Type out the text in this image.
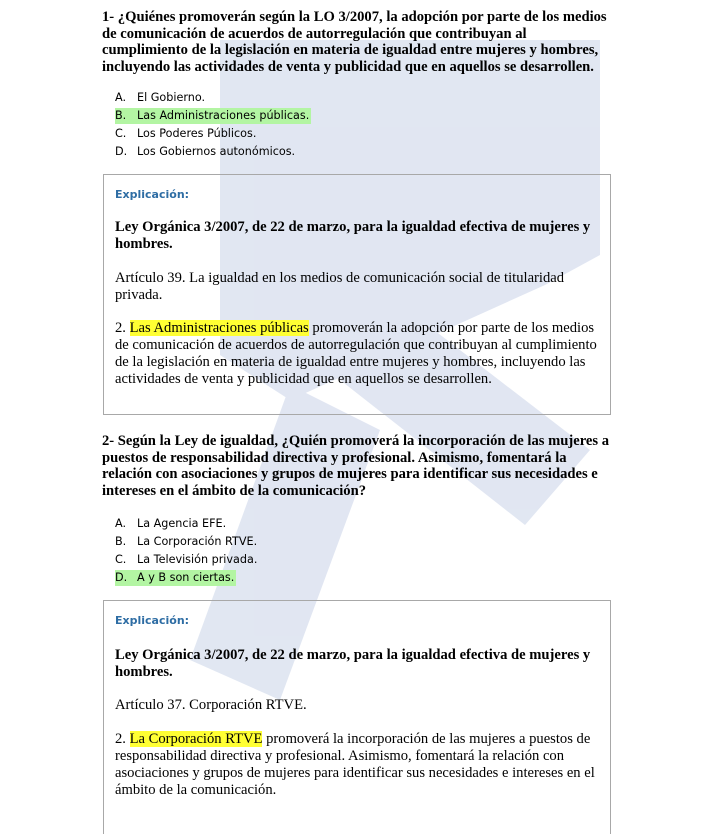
1- ¿Quiénes promoverán según la LO 3/2007, la adopción por parte de los medios de comunicación de acuerdos de autorregulación que contribuyan al cumplimiento de la legislación en materia de igualdad entre mujeres y hombres, incluyendo las actividades de venta y publicidad que en aquellos se desarrollen.
A. El Gobierno.
B. Las Administraciones públicas.
C. Los Poderes Públicos.
D. Los Gobiernos autonómicos.
Explicación:
Ley Orgánica 3/2007, de 22 de marzo, para la igualdad efectiva de mujeres y hombres.
Artículo 39. La igualdad en los medios de comunicación social de titularidad privada.
2. Las Administraciones públicas promoverán la adopción por parte de los medios de comunicación de acuerdos de autorregulación que contribuyan al cumplimiento de la legislación en materia de igualdad entre mujeres y hombres, incluyendo las actividades de venta y publicidad que en aquellos se desarrollen.
2- Según la Ley de igualdad, ¿Quién promoverá la incorporación de las mujeres a puestos de responsabilidad directiva y profesional. Asimismo, fomentará la relación con asociaciones y grupos de mujeres para identificar sus necesidades e intereses en el ámbito de la comunicación?
A. La Agencia EFE.
B. La Corporación RTVE.
C. La Televisión privada.
D. A y B son ciertas.
Explicación:
Ley Orgánica 3/2007, de 22 de marzo, para la igualdad efectiva de mujeres y hombres.
Artículo 37. Corporación RTVE.
2. La Corporación RTVE promoverá la incorporación de las mujeres a puestos de responsabilidad directiva y profesional. Asimismo, fomentará la relación con asociaciones y grupos de mujeres para identificar sus necesidades e intereses en el ámbito de la comunicación.
